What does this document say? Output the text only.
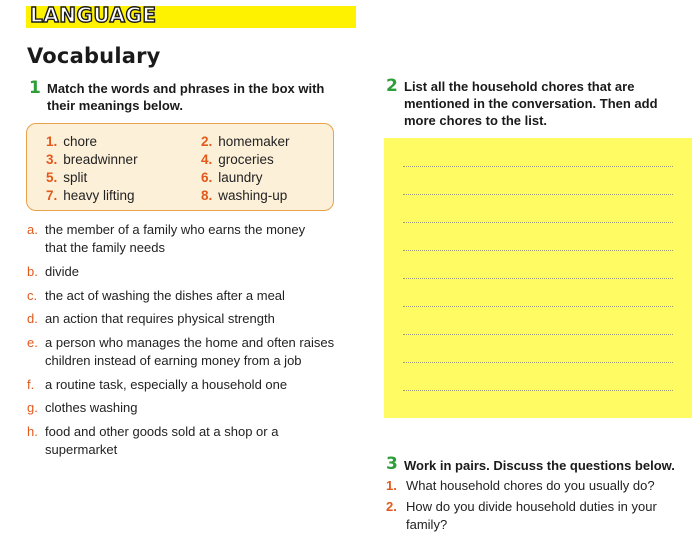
LANGUAGE
Vocabulary
1 Match the words and phrases in the box with
their meanings below.
1. chore	2. homemaker
3. breadwinner	4. groceries
5. split	6. laundry
7. heavy lifting	8. washing-up
a. the member of a family who earns the money
that the family needs
b. divide
c. the act of washing the dishes after a meal
d. an action that requires physical strength
e. a person who manages the home and often raises
children instead of earning money from a job
f. a routine task, especially a household one
g. clothes washing
h. food and other goods sold at a shop or a
supermarket
2 List all the household chores that are
mentioned in the conversation. Then add
more chores to the list.
3 Work in pairs. Discuss the questions below.
1. What household chores do you usually do?
2. How do you divide household duties in your
family?
